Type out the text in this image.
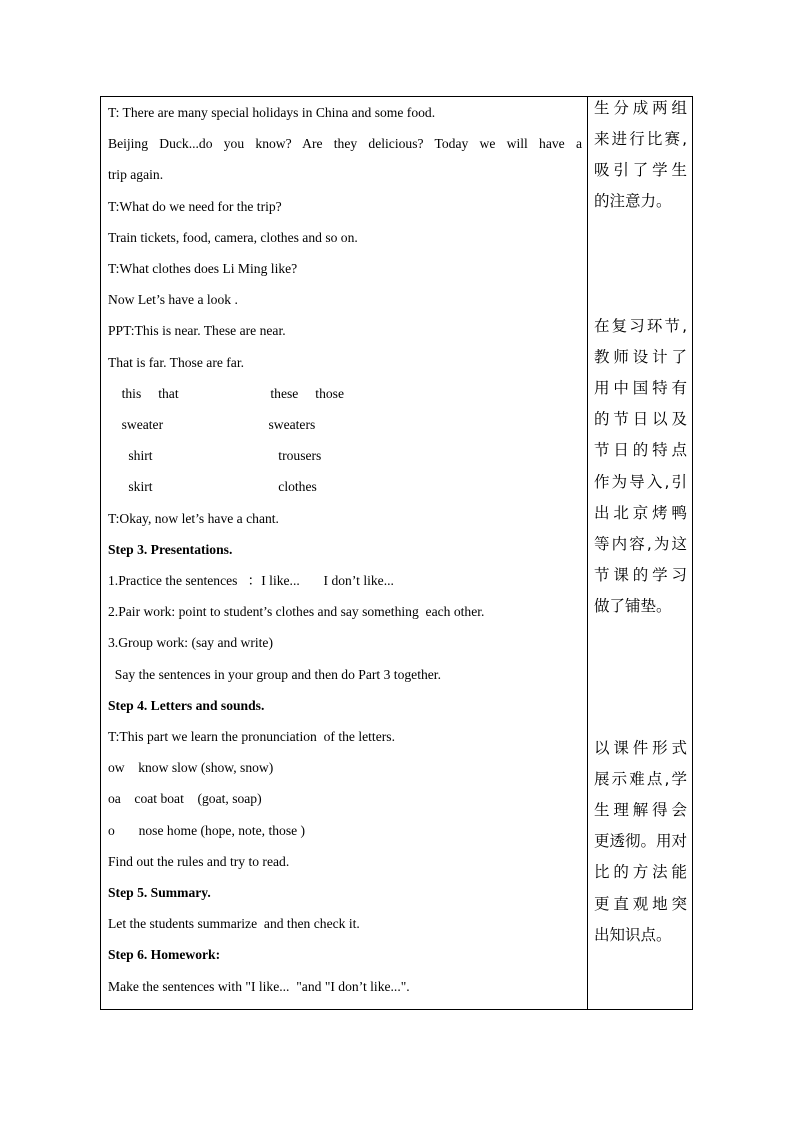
T: There are many special holidays in China and some food.
Beijing Duck...do you know? Are they delicious? Today we will have a
trip again.
T:What do we need for the trip?
Train tickets, food, camera, clothes and so on.
T:What clothes does Li Ming like?
Now Let’s have a look .
PPT:This is near. These are near.
That is far. Those are far.
this     that                           these     those
sweater                               sweaters
shirt                                     trousers
skirt                                     clothes
T:Okay, now let’s have a chant.
Step 3. Presentations.
1.Practice the sentences   ：I like...       I don’t like...
2.Pair work: point to student’s clothes and say something  each other.
3.Group work: (say and write)
Say the sentences in your group and then do Part 3 together.
Step 4. Letters and sounds.
T:This part we learn the pronunciation  of the letters.
ow    know slow (show, snow)
oa    coat boat    (goat, soap)
o       nose home (hope, note, those )
Find out the rules and try to read.
Step 5. Summary.
Let the students summarize  and then check it.
Step 6. Homework:
Make the sentences with "I like...  "and "I don’t like...".
生分成两组
来进行比赛,
吸引了学生
的注意力。
在复习环节,
教师设计了
用中国特有
的节日以及
节日的特点
作为导入,引
出北京烤鸭
等内容,为这
节课的学习
做了铺垫。
以课件形式
展示难点,学
生理解得会
更透彻。用对
比的方法能
更直观地突
出知识点。
